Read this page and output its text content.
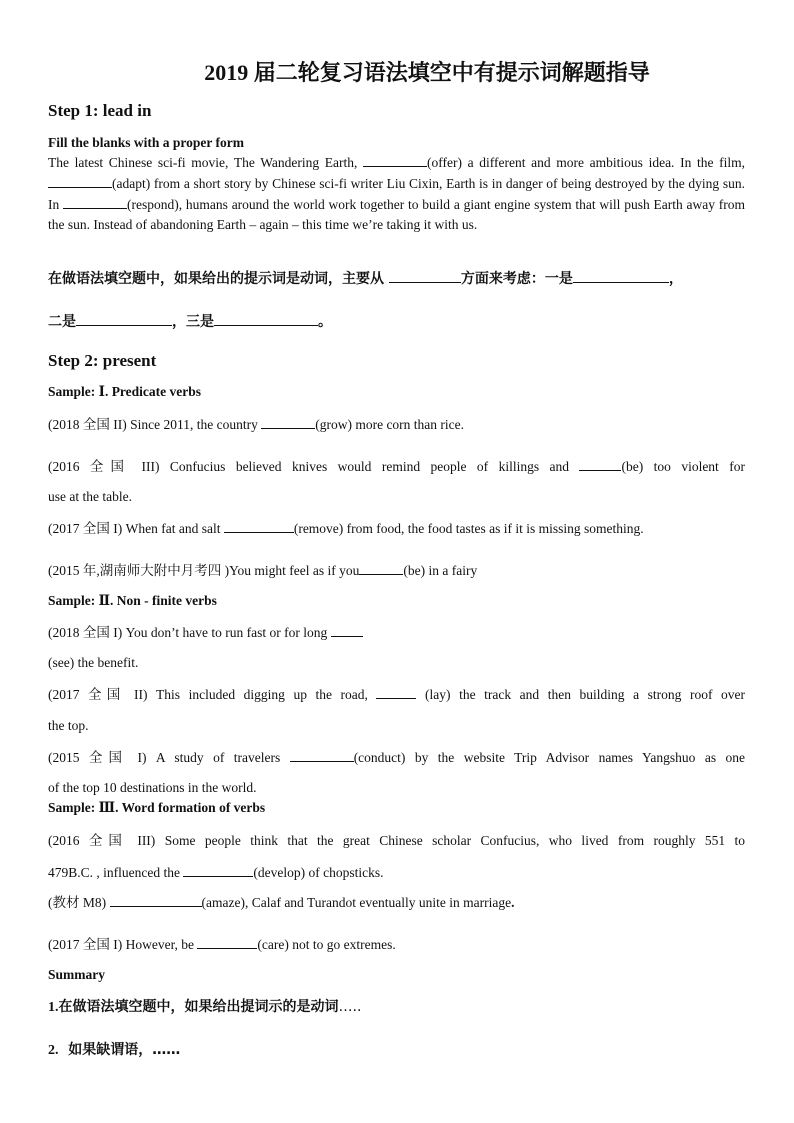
2019 届二轮复习语法填空中有提示词解题指导
Step 1: lead in
Fill the blanks with a proper form
The latest Chinese sci-fi movie, The Wandering Earth,	(offer) a different and more ambitious idea. In the film, (adapt) from a short story by Chinese sci-fi writer Liu Cixin, Earth is in danger of being destroyed by the dying sun. In	(respond), humans around the world work together to build a giant engine system that will push Earth away from the sun. Instead of abandoning Earth – again – this time we’re taking it with us.
在做语法填空题中，如果给出的提示词是动词，主要从	方面来考虑：一是	，
二是	，三是	。
Step 2: present
Sample: Ⅰ. Predicate verbs
(2018 全国 II) Since 2011, the country	(grow) more corn than rice.
(2016 全国 III) Confucius believed knives would remind people of killings and	(be) too violent for
use at the table.
(2017 全国 I) When fat and salt	(remove) from food, the food tastes as if it is missing something.
(2015 年,湖南师大附中月考四 )You might feel as if you	(be) in a fairy
Sample: Ⅱ. Non - finite verbs
(2018 全国 I) You don’t have to run fast or for long
(see) the benefit.
(2017 全国 II) This included digging up the road,	(lay) the track and then building a strong roof over
the top.
(2015 全国 I) A study of travelers	(conduct) by the website Trip Advisor names Yangshuo as one
of the top 10 destinations in the world.
Sample: Ⅲ. Word formation of verbs
(2016 全国 III) Some people think that the great Chinese scholar Confucius, who lived from roughly 551 to
479B.C. , influenced the	(develop) of chopsticks.
(教材 M8)	(amaze), Calaf and Turandot eventually unite in marriage.
(2017 全国 I) However, be	(care) not to go extremes.
Summary
1.在做语法填空题中，如果给出提词示的是动词…..
2. 如果缺谓语，……
